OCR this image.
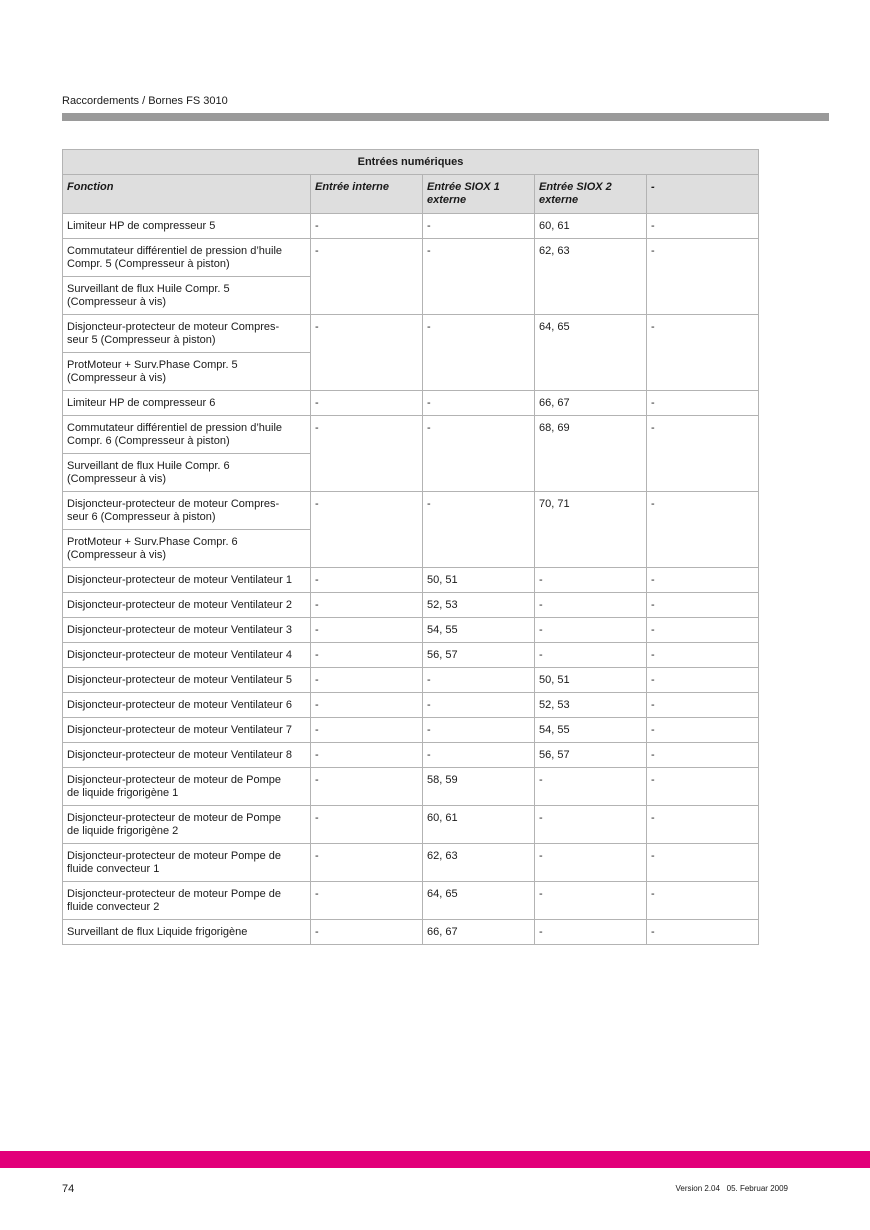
Raccordements / Bornes FS 3010
Entrées numériques				
Fonction	Entrée interne	Entrée SIOX 1 externe	Entrée SIOX 2 externe	-
Limiteur HP de compresseur 5	-	-	60, 61	-

Commutateur différentiel de pression d’huile
Compr. 5 (Compresseur à piston)	-	-	62, 63	-

Surveillant de flux Huile Compr. 5
(Compresseur à vis)				

Disjoncteur-protecteur de moteur Compres-
seur 5 (Compresseur à piston)	-	-	64, 65	-

ProtMoteur + Surv.Phase Compr. 5
(Compresseur à vis)				

Limiteur HP de compresseur 6	-	-	66, 67	-

Commutateur différentiel de pression d’huile
Compr. 6 (Compresseur à piston)	-	-	68, 69	-

Surveillant de flux Huile Compr. 6
(Compresseur à vis)				

Disjoncteur-protecteur de moteur Compres-
seur 6 (Compresseur à piston)	-	-	70, 71	-

ProtMoteur + Surv.Phase Compr. 6
(Compresseur à vis)				

Disjoncteur-protecteur de moteur Ventilateur 1	-	50, 51	-	-
Disjoncteur-protecteur de moteur Ventilateur 2	-	52, 53	-	-
Disjoncteur-protecteur de moteur Ventilateur 3	-	54, 55	-	-
Disjoncteur-protecteur de moteur Ventilateur 4	-	56, 57	-	-
Disjoncteur-protecteur de moteur Ventilateur 5	-	-	50, 51	-
Disjoncteur-protecteur de moteur Ventilateur 6	-	-	52, 53	-
Disjoncteur-protecteur de moteur Ventilateur 7	-	-	54, 55	-
Disjoncteur-protecteur de moteur Ventilateur 8	-	-	56, 57	-

Disjoncteur-protecteur de moteur de Pompe
de liquide frigorigène 1	-	58, 59	-	-

Disjoncteur-protecteur de moteur de Pompe
de liquide frigorigène 2	-	60, 61	-	-

Disjoncteur-protecteur de moteur Pompe de
fluide convecteur 1	-	62, 63	-	-

Disjoncteur-protecteur de moteur Pompe de
fluide convecteur 2	-	64, 65	-	-
Surveillant de flux Liquide frigorigène	-	66, 67	-	-
74	Version 2.04   05. Februar 2009
